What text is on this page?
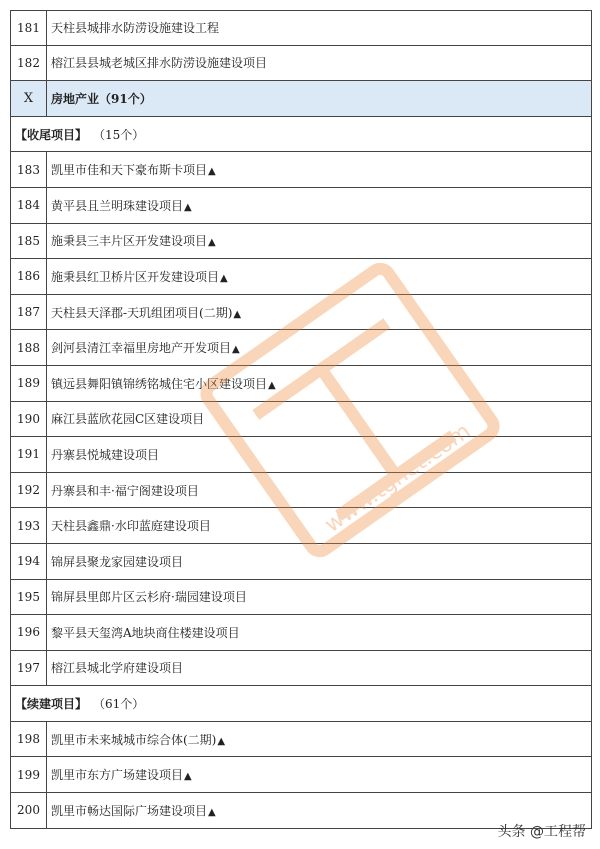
181 天柱县城排水防涝设施建设工程
182 榕江县县城老城区排水防涝设施建设项目
X	房地产业（91个）
【收尾项目】 （15个）
183 凯里市佳和天下豪布斯卡项目▲
184 黄平县且兰明珠建设项目▲
185 施秉县三丰片区开发建设项目▲
186 施秉县红卫桥片区开发建设项目▲
187 天柱县天泽郡-天玑组团项目(二期)▲
188 剑河县清江幸福里房地产开发项目▲
189 镇远县舞阳镇锦绣铭城住宅小区建设项目▲
190 麻江县蓝欣花园C区建设项目
191 丹寨县悦城建设项目
192 丹寨县和丰·福宁阁建设项目
193 天柱县鑫鼎·水印蓝庭建设项目
194 锦屏县聚龙家园建设项目
195 锦屏县里郎片区云杉府·瑞园建设项目
196 黎平县天玺湾A地块商住楼建设项目
197 榕江县城北学府建设项目
【续建项目】 （61个）
198 凯里市未来城城市综合体(二期)▲
199 凯里市东方广场建设项目▲
200 凯里市畅达国际广场建设项目▲
www.tgnet.com
头条 @工程帮
